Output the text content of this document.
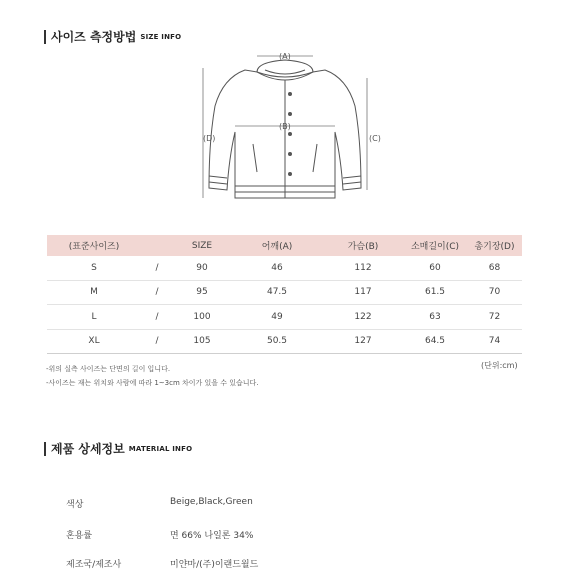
사이즈 측정방법 SIZE INFO
(A)
(B)
(C)
(D)
(표준사이즈)		SIZE	어깨(A)	가슴(B)	소매길이(C)	총기장(D)
S	/	90	46	112	60	68
M	/	95	47.5	117	61.5	70
L	/	100	49	122	63	72
XL	/	105	50.5	127	64.5	74
-위의 실측 사이즈는 단면의 길이 입니다.
-사이즈는 재는 위치와 사람에 따라 1~3cm 차이가 있을 수 있습니다.
(단위:cm)
제품 상세정보 MATERIAL INFO
색상	Beige,Black,Green
혼용률	면 66% 나일론 34%
제조국/제조사	미얀마/(주)이랜드월드
